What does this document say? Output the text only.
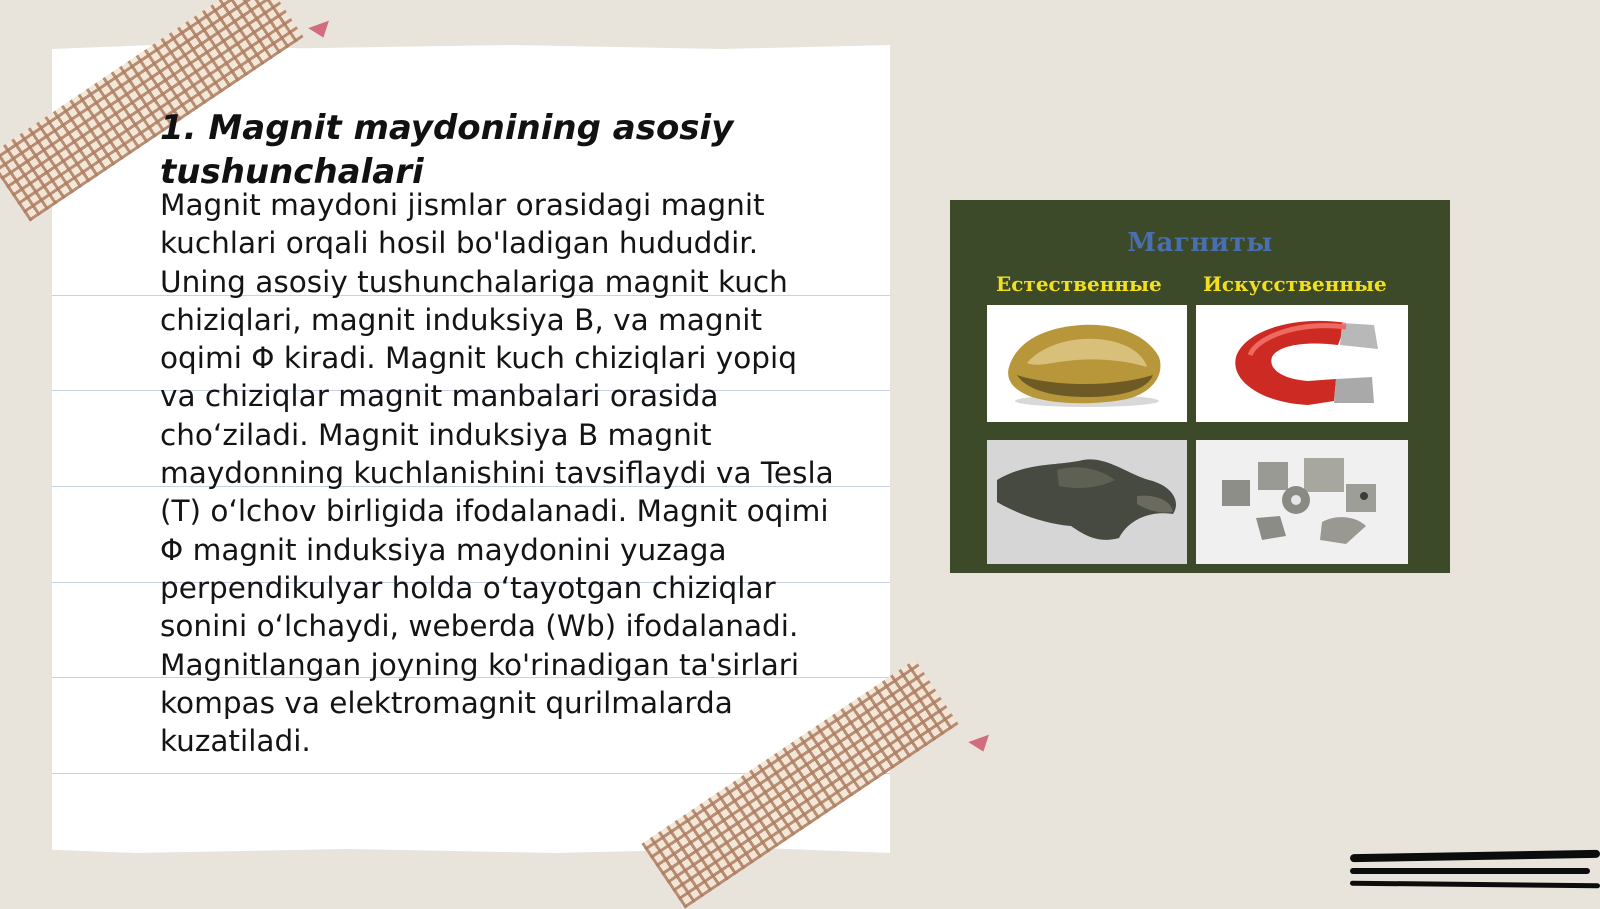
1. Magnit maydonining asosiy tushunchalari

Magnit maydoni jismlar orasidagi magnit kuchlari orqali hosil bo'ladigan hududdir. Uning asosiy tushunchalariga magnit kuch chiziqlari, magnit induksiya B, va magnit oqimi Φ kiradi. Magnit kuch chiziqlari yopiq va chiziqlar magnit manbalari orasida cho‘ziladi. Magnit induksiya B magnit maydonning kuchlanishini tavsiflaydi va Tesla (T) o‘lchov birligida ifodalanadi. Magnit oqimi Φ magnit induksiya maydonini yuzaga perpendikulyar holda o‘tayotgan chiziqlar sonini o‘lchaydi, weberda (Wb) ifodalanadi. Magnitlangan joyning ko'rinadigan ta'sirlari kompas va elektromagnit qurilmalarda kuzatiladi.

Магниты
Естественные Искусственные
